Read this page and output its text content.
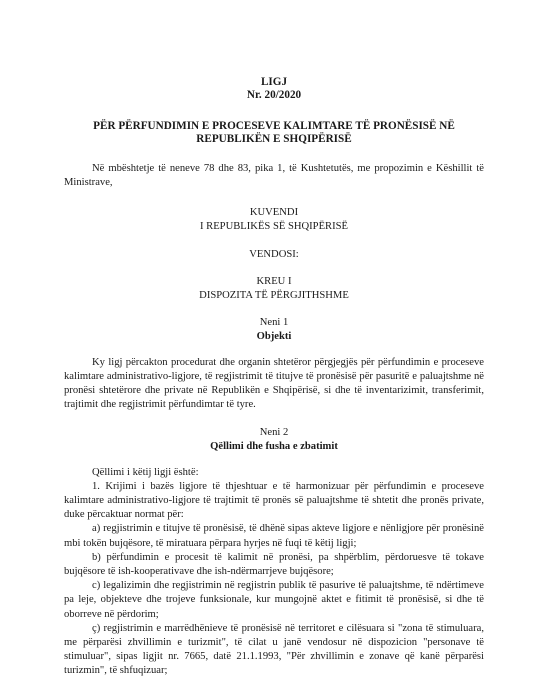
LIGJ
Nr. 20/2020
PËR PËRFUNDIMIN E PROCESEVE KALIMTARE TË PRONËSISË NË
REPUBLIKËN E SHQIPËRISË

Në mbështetje të neneve 78 dhe 83, pika 1, të Kushtetutës, me propozimin e Këshillit të Ministrave,

KUVENDI
I REPUBLIKËS SË SHQIPËRISË
VENDOSI:
KREU I
DISPOZITA TË PËRGJITHSHME
Neni 1
Objekti

Ky ligj përcakton procedurat dhe organin shtetëror përgjegjës për përfundimin e proceseve kalimtare administrativo-ligjore, të regjistrimit të titujve të pronësisë për pasuritë e paluajtshme në pronësi shtetërore dhe private në Republikën e Shqipërisë, si dhe të inventarizimit, transferimit, trajtimit dhe regjistrimit përfundimtar të tyre.

Neni 2
Qëllimi dhe fusha e zbatimit

Qëllimi i këtij ligji është:

1. Krijimi i bazës ligjore të thjeshtuar e të harmonizuar për përfundimin e proceseve kalimtare administrativo-ligjore të trajtimit të pronës së paluajtshme të shtetit dhe pronës private, duke përcaktuar normat për:

a) regjistrimin e titujve të pronësisë, të dhënë sipas akteve ligjore e nënligjore për pronësinë mbi tokën bujqësore, të miratuara përpara hyrjes në fuqi të këtij ligji;

b) përfundimin e procesit të kalimit në pronësi, pa shpërblim, përdoruesve të tokave bujqësore të ish-kooperativave dhe ish-ndërmarrjeve bujqësore;

c) legalizimin dhe regjistrimin në regjistrin publik të pasurive të paluajtshme, të ndërtimeve pa leje, objekteve dhe trojeve funksionale, kur mungojnë aktet e fitimit të pronësisë, si dhe të oborreve në përdorim;

ç) regjistrimin e marrëdhënieve të pronësisë në territoret e cilësuara si "zona të stimuluara, me përparësi zhvillimin e turizmit", të cilat u janë vendosur në dispozicion "personave të stimuluar", sipas ligjit nr. 7665, datë 21.1.1993, "Për zhvillimin e zonave që kanë përparësi turizmin", të shfuqizuar;
